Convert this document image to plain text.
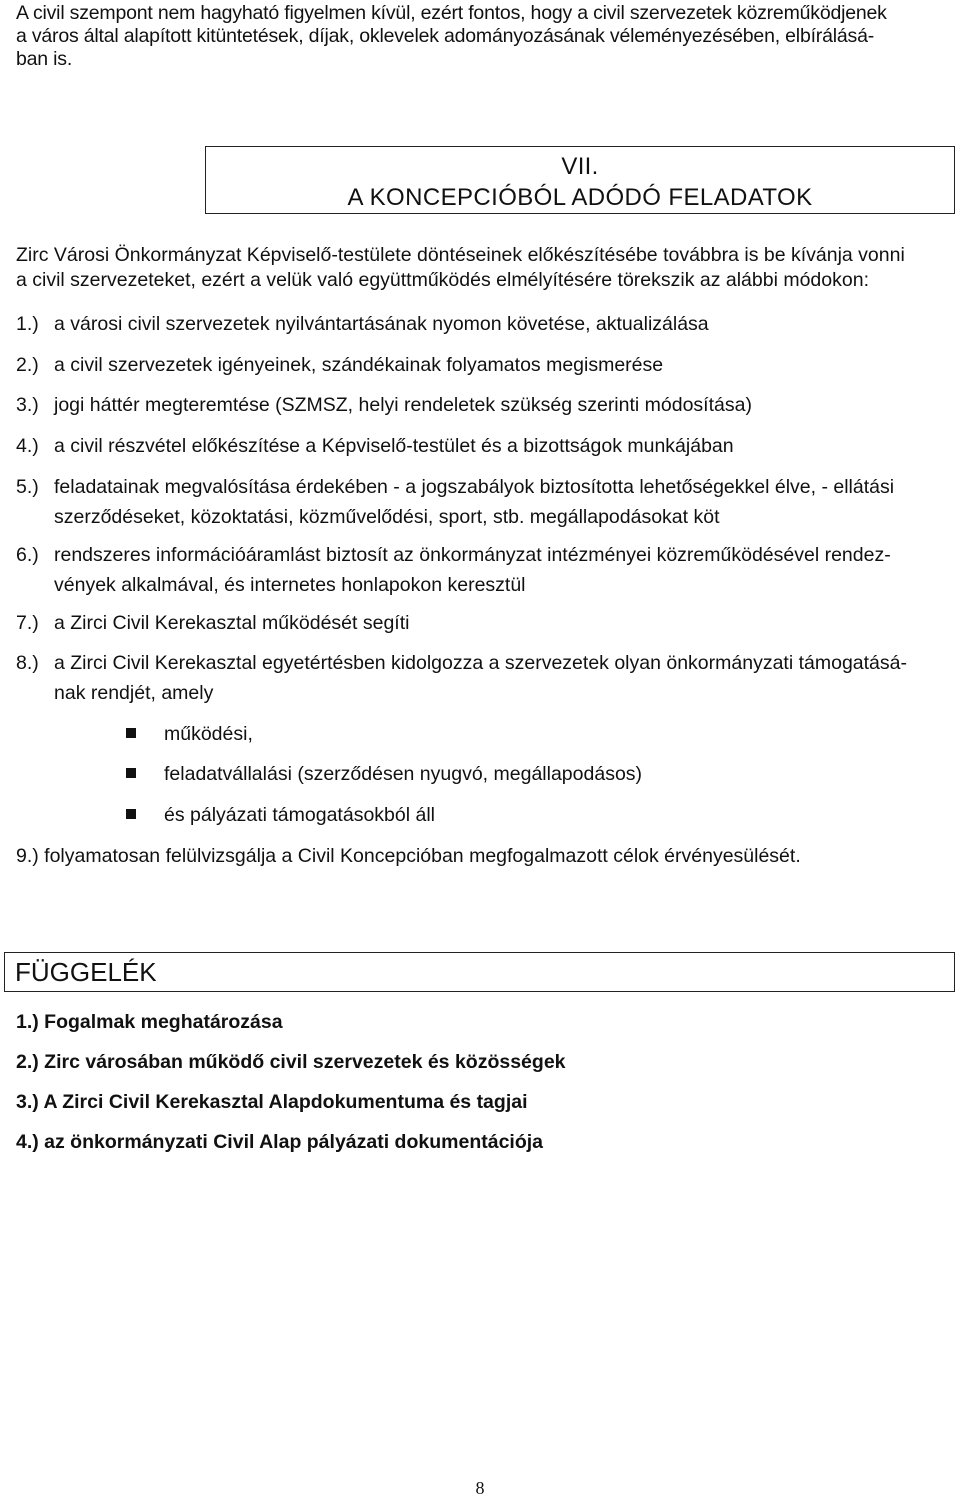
A civil szempont nem hagyható figyelmen kívül, ezért fontos, hogy a civil szervezetek közreműködjenek
a város által alapított kitüntetések, díjak, oklevelek adományozásának véleményezésében, elbírálásá-
ban is.
VII.
A KONCEPCIÓBÓL ADÓDÓ FELADATOK
Zirc Városi Önkormányzat Képviselő-testülete döntéseinek előkészítésébe továbbra is be kívánja vonni
a civil szervezeteket, ezért a velük való együttműködés elmélyítésére törekszik az alábbi módokon:
1.) a városi civil szervezetek nyilvántartásának nyomon követése, aktualizálása
2.) a civil szervezetek igényeinek, szándékainak folyamatos megismerése
3.) jogi háttér megteremtése (SZMSZ, helyi rendeletek szükség szerinti módosítása)
4.) a civil részvétel előkészítése a Képviselő-testület és a bizottságok munkájában
5.) feladatainak megvalósítása érdekében - a jogszabályok biztosította lehetőségekkel élve, - ellátási
szerződéseket, közoktatási, közművelődési, sport, stb. megállapodásokat köt
6.) rendszeres információáramlást biztosít az önkormányzat intézményei közreműködésével rendez-
vények alkalmával, és internetes honlapokon keresztül
7.) a Zirci Civil Kerekasztal működését segíti
8.) a Zirci Civil Kerekasztal egyetértésben kidolgozza a szervezetek olyan önkormányzati támogatásá-
nak rendjét, amely
működési,
feladatvállalási (szerződésen nyugvó, megállapodásos)
és pályázati támogatásokból áll
9.) folyamatosan felülvizsgálja a Civil Koncepcióban megfogalmazott célok érvényesülését.
FÜGGELÉK
1.) Fogalmak meghatározása
2.) Zirc városában működő civil szervezetek és közösségek
3.) A Zirci Civil Kerekasztal Alapdokumentuma és tagjai
4.) az önkormányzati Civil Alap pályázati dokumentációja
8
